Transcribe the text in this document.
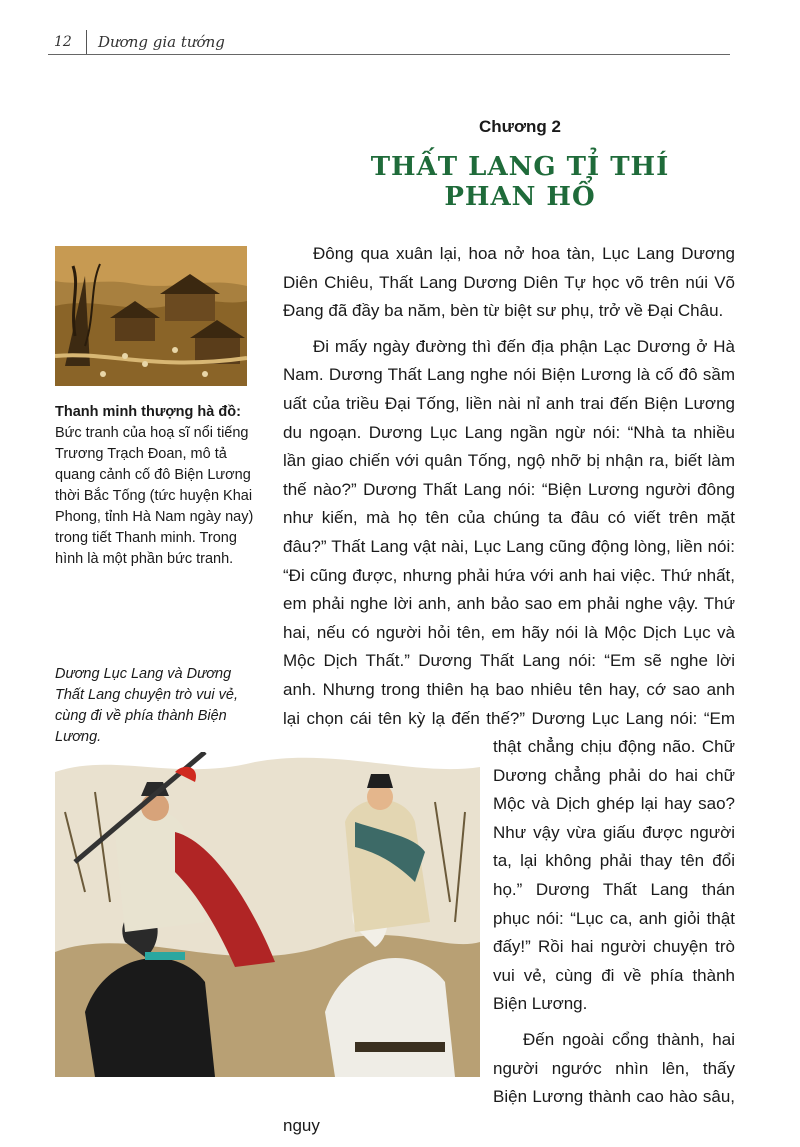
12 Dương gia tướng
Chương 2
THẤT LANG TỈ THÍ PHAN HỔ
Thanh minh thượng hà đồ: Bức tranh của hoạ sĩ nổi tiếng Trương Trạch Đoan, mô tả quang cảnh cố đô Biện Lương thời Bắc Tống (tức huyện Khai Phong, tỉnh Hà Nam ngày nay) trong tiết Thanh minh. Trong hình là một phần bức tranh.
Dương Lục Lang và Dương Thất Lang chuyện trò vui vẻ, cùng đi về phía thành Biện Lương.

Đông qua xuân lại, hoa nở hoa tàn, Lục Lang Dương Diên Chiêu, Thất Lang Dương Diên Tự học võ trên núi Võ Đang đã đầy ba năm, bèn từ biệt sư phụ, trở về Đại Châu.

Đi mấy ngày đường thì đến địa phận Lạc Dương ở Hà Nam. Dương Thất Lang nghe nói Biện Lương là cố đô sầm uất của triều Đại Tống, liền nài nỉ anh trai đến Biện Lương du ngoạn. Dương Lục Lang ngần ngừ nói: “Nhà ta nhiều lần giao chiến với quân Tống, ngộ nhỡ bị nhận ra, biết làm thế nào?” Dương Thất Lang nói: “Biện Lương người đông như kiến, mà họ tên của chúng ta đâu có viết trên mặt đâu?” Thất Lang vật nài, Lục Lang cũng động lòng, liền nói: “Đi cũng được, nhưng phải hứa với anh hai việc. Thứ nhất, em phải nghe lời anh, anh bảo sao em phải nghe vậy. Thứ hai, nếu có người hỏi tên, em hãy nói là Mộc Dịch Lục và Mộc Dịch Thất.” Dương Thất Lang nói: “Em sẽ nghe lời anh. Nhưng trong thiên hạ bao nhiêu tên hay, cớ sao anh lại chọn cái tên kỳ lạ đến thế?” Dương Lục Lang nói: “Em thật chẳng chịu động não. Chữ Dương chẳng phải do hai chữ Mộc và Dịch ghép lại hay sao? Như vậy vừa giấu được người ta, lại không phải thay tên đổi họ.” Dương Thất Lang thán phục nói: “Lục ca, anh giỏi thật đấy!” Rồi hai người chuyện trò vui vẻ, cùng đi về phía thành Biện Lương.

Đến ngoài cổng thành, hai người ngước nhìn lên, thấy Biện Lương thành cao hào sâu, nguy
